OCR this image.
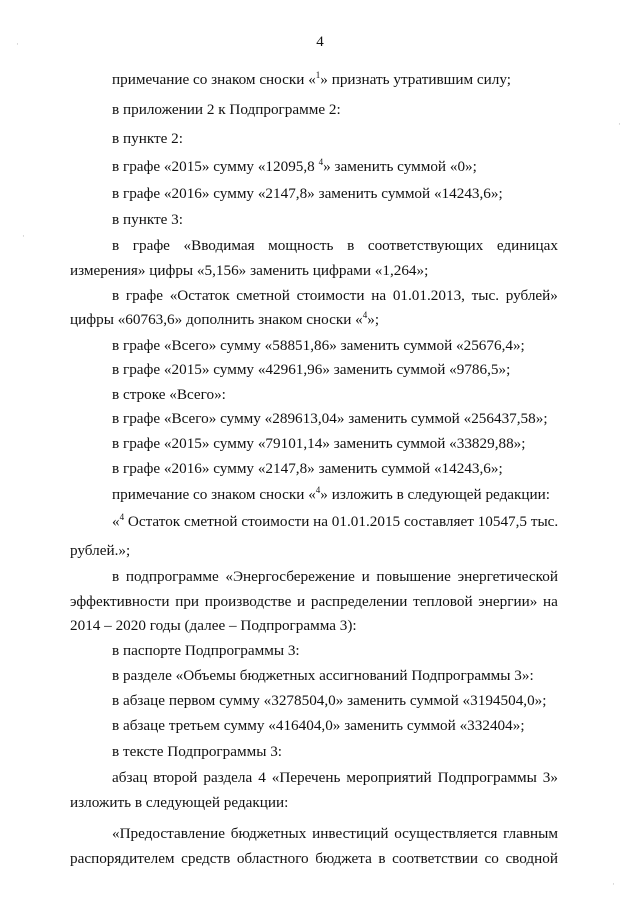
4
примечание со знаком сноски «$^1$» признать утратившим силу;
в приложении 2 к Подпрограмме 2:
в пункте 2:
в графе «2015» сумму «12095,8 $^4$» заменить суммой «0»;
в графе «2016» сумму «2147,8» заменить суммой «14243,6»;
в пункте 3:
в графе «Вводимая мощность в соответствующих единицах
измерения» цифры «5,156» заменить цифрами «1,264»;
в графе «Остаток сметной стоимости на 01.01.2013, тыс. рублей»
цифры «60763,6» дополнить знаком сноски «$^4$»;
в графе «Всего» сумму «58851,86» заменить суммой «25676,4»;
в графе «2015» сумму «42961,96» заменить суммой «9786,5»;
в строке «Всего»:
в графе «Всего» сумму «289613,04» заменить суммой «256437,58»;
в графе «2015» сумму «79101,14» заменить суммой «33829,88»;
в графе «2016» сумму «2147,8» заменить суммой «14243,6»;
примечание со знаком сноски «$^4$» изложить в следующей редакции:
«$^4$ Остаток сметной стоимости на 01.01.2015 составляет 10547,5 тыс.
рублей.»;
в подпрограмме «Энергосбережение и повышение энергетической
эффективности при производстве и распределении тепловой энергии» на
2014 – 2020 годы (далее – Подпрограмма 3):
в паспорте Подпрограммы 3:
в разделе «Объемы бюджетных ассигнований Подпрограммы 3»:
в абзаце первом сумму «3278504,0» заменить суммой «3194504,0»;
в абзаце третьем сумму «416404,0» заменить суммой «332404»;
в тексте Подпрограммы 3:
абзац второй раздела 4 «Перечень мероприятий Подпрограммы 3»
изложить в следующей редакции:
«Предоставление бюджетных инвестиций осуществляется главным
распорядителем средств областного бюджета в соответствии со сводной
·
·
·
·
